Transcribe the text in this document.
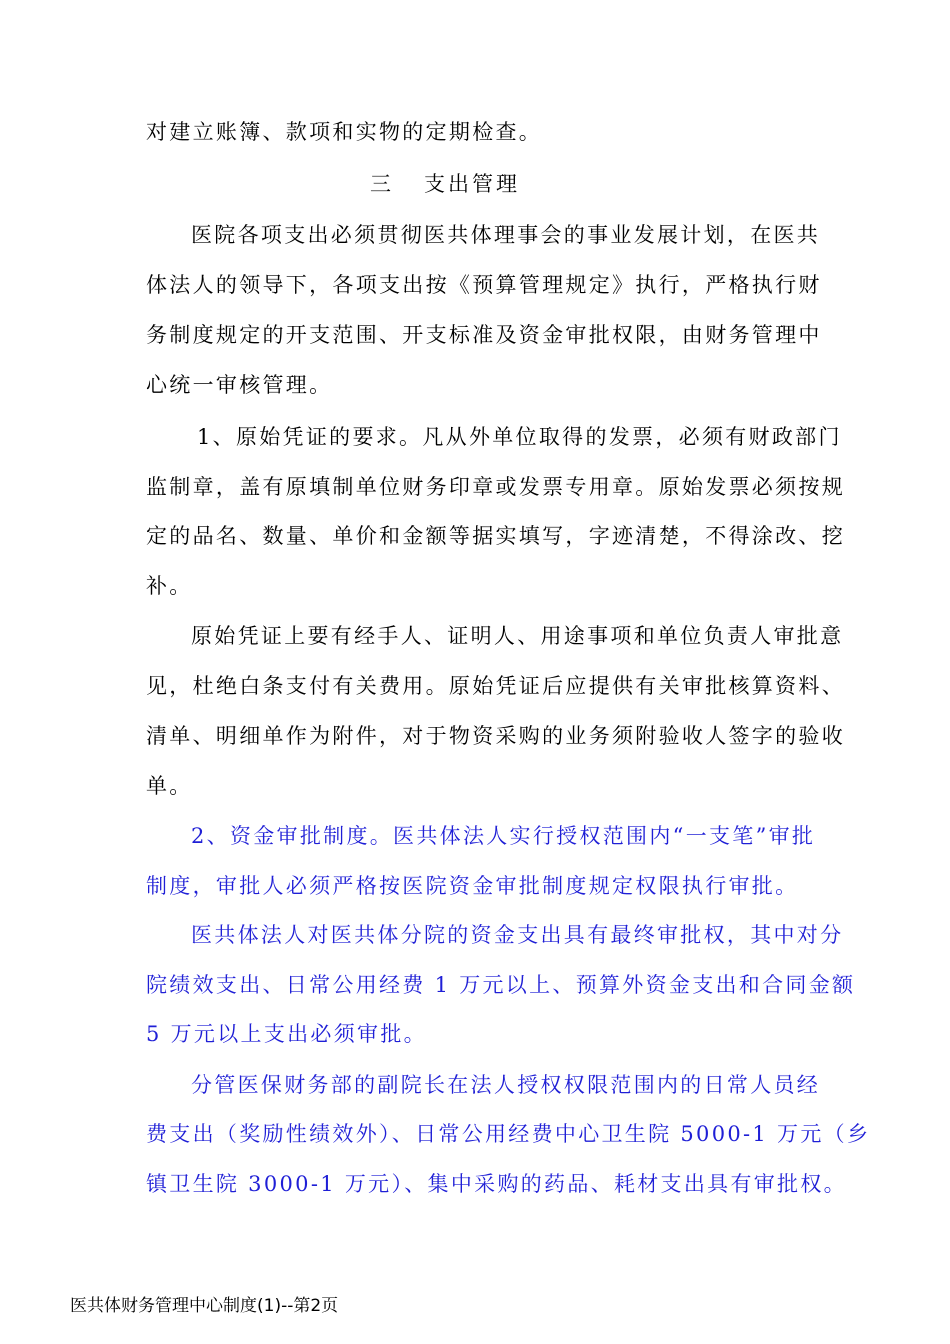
对建立账簿、款项和实物的定期检查。
三 支出管理
医院各项支出必须贯彻医共体理事会的事业发展计划，在医共
体法人的领导下，各项支出按《预算管理规定》执行，严格执行财
务制度规定的开支范围、开支标准及资金审批权限，由财务管理中
心统一审核管理。
1、原始凭证的要求。凡从外单位取得的发票，必须有财政部门
监制章，盖有原填制单位财务印章或发票专用章。原始发票必须按规
定的品名、数量、单价和金额等据实填写，字迹清楚，不得涂改、挖
补。
原始凭证上要有经手人、证明人、用途事项和单位负责人审批意
见，杜绝白条支付有关费用。原始凭证后应提供有关审批核算资料、
清单、明细单作为附件，对于物资采购的业务须附验收人签字的验收
单。
2、资金审批制度。医共体法人实行授权范围内“一支笔”审批
制度，审批人必须严格按医院资金审批制度规定权限执行审批。
医共体法人对医共体分院的资金支出具有最终审批权，其中对分
院绩效支出、日常公用经费 1 万元以上、预算外资金支出和合同金额
5 万元以上支出必须审批。
分管医保财务部的副院长在法人授权权限范围内的日常人员经
费支出（奖励性绩效外）、日常公用经费中心卫生院 5000-1 万元（乡
镇卫生院 3000-1 万元）、集中采购的药品、耗材支出具有审批权。
医共体财务管理中心制度(1)--第2页
